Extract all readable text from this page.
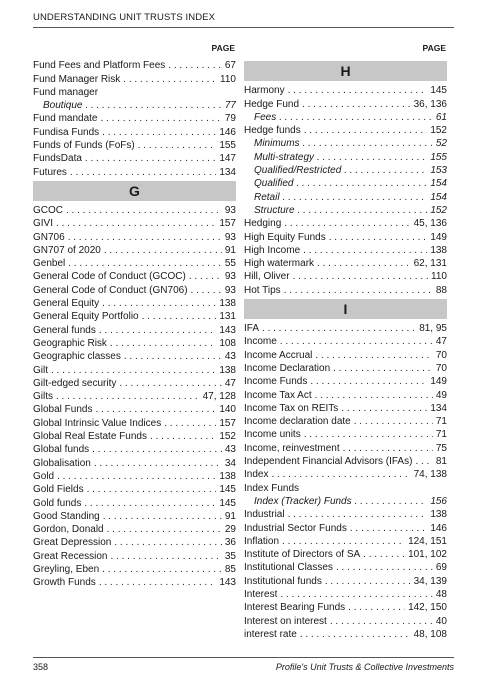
UNDERSTANDING UNIT TRUSTS INDEX
PAGE
Fund Fees and Platform Fees . . .	67
Fund Manager Risk . . .	110
Fund manager
Boutique . . .	77
Fund mandate . . .	79
Fundisa Funds . . .	146
Funds of Funds (FoFs) . . .	155
FundsData . . .	147
Futures . . .	134
G
GCOC . . .	93
GIVI . . .	157
GN706 . . .	93
GN707 of 2020 . . .	91
Genbel . . .	55
General Code of Conduct (GCOC) . . .	93
General Code of Conduct (GN706) . . .	93
General Equity . . .	138
General Equity Portfolio . . .	131
General funds . . .	143
Geographic Risk . . .	108
Geographic classes . . .	43
Gilt . . .	138
Gilt-edged security . . .	47
Gilts . . .	47, 128
Global Funds . . .	140
Global Intrinsic Value Indices . . .	157
Global Real Estate Funds . . .	152
Global funds . . .	43
Globalisation . . .	34
Gold . . .	138
Gold Fields . . .	145
Gold funds . . .	145
Good Standing . . .	91
Gordon, Donald . . .	29
Great Depression . . .	36
Great Recession . . .	35
Greyling, Eben . . .	85
Growth Funds . . .	143
PAGE
H
Harmony . . .	145
Hedge Fund . . .	36, 136
Fees . . .	61
Hedge funds . . .	152
Minimums . . .	52
Multi-strategy . . .	155
Qualified/Restricted . . .	153
Qualified . . .	154
Retail . . .	154
Structure . . .	152
Hedging . . .	45, 136
High Equity Funds . . .	149
High Income . . .	138
High watermark . . .	62, 131
Hill, Oliver . . .	110
Hot Tips . . .	88
I
IFA . . .	81, 95
Income . . .	47
Income Accrual . . .	70
Income Declaration . . .	70
Income Funds . . .	149
Income Tax Act . . .	49
Income Tax on REITs . . .	134
Income declaration date . . .	71
Income units . . .	71
Income, reinvestment . . .	75
Independent Financial Advisors (IFAs) . . .	81
Index . . .	74, 138
Index Funds
Index (Tracker) Funds . . .	156
Industrial . . .	138
Industrial Sector Funds . . .	146
Inflation . . .	124, 151
Institute of Directors of SA . . .	101, 102
Institutional Classes . . .	69
Institutional funds . . .	34, 139
Interest . . .	48
Interest Bearing Funds . . .	142, 150
Interest on interest . . .	40
interest rate . . .	48, 108
358	Profile's Unit Trusts & Collective Investments
